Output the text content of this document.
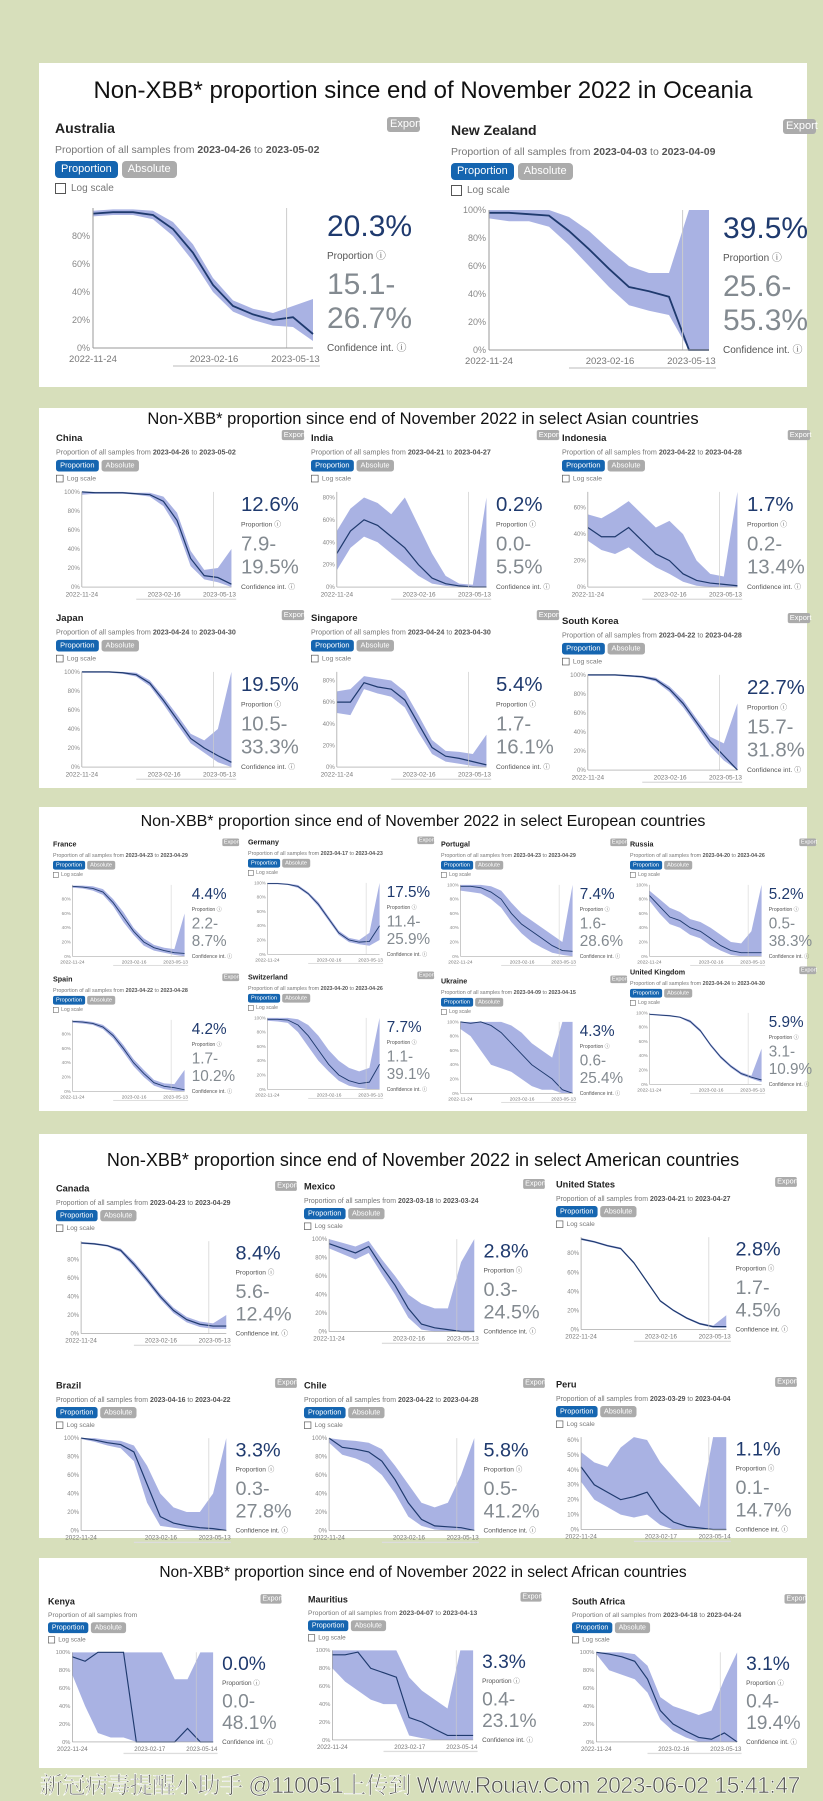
Non-XBB* proportion since end of November 2022 in Oceania
Non-XBB* proportion since end of November 2022 in select Asian countries
Non-XBB* proportion since end of November 2022 in select European countries
Non-XBB* proportion since end of November 2022 in select American countries
Non-XBB* proportion since end of November 2022 in select African countries
Australia	Export
Proportion of all samples from 2023-04-26 to 2023-05-02
Proportion	Absolute
Log scale
0%
20%
40%
60%
80%
2022-11-24	2023-02-16	2023-05-13
20.3%
Proportion ⓘ
15.1-
26.7%
Confidence int. ⓘ
New Zealand	Export
Proportion of all samples from 2023-04-03 to 2023-04-09
Proportion	Absolute
Log scale
0%
20%
40%
60%
80%
100%
2022-11-24	2023-02-16	2023-05-13
39.5%
Proportion ⓘ
25.6-
55.3%
Confidence int. ⓘ
China	Export
Proportion of all samples from 2023-04-26 to 2023-05-02
Proportion Absolute
Log scale
0%
20%
40%
60%
80%
100%
2022-11-24	2023-02-16 2023-05-13
12.6%
Proportion ⓘ
7.9-
19.5%
Confidence int. ⓘ
India	Export
Proportion of all samples from 2023-04-21 to 2023-04-27
Proportion Absolute
Log scale
0%
20%
40%
60%
80%
2022-11-24	2023-02-16 2023-05-13
0.2%
Proportion ⓘ
0.0-
5.5%
Confidence int. ⓘ
Indonesia	Export
Proportion of all samples from 2023-04-22 to 2023-04-28
Proportion Absolute
Log scale
0%
20%
40%
60%
2022-11-24	2023-02-16 2023-05-13
1.7%
Proportion ⓘ
0.2-
13.4%
Confidence int. ⓘ
Japan	Export
Proportion of all samples from 2023-04-24 to 2023-04-30
Proportion Absolute
Log scale
0%
20%
40%
60%
80%
100%
2022-11-24	2023-02-16 2023-05-13
19.5%
Proportion ⓘ
10.5-
33.3%
Confidence int. ⓘ
Singapore	Export
Proportion of all samples from 2023-04-24 to 2023-04-30
Proportion Absolute
Log scale
0%
20%
40%
60%
80%
2022-11-24	2023-02-16 2023-05-13
5.4%
Proportion ⓘ
1.7-
16.1%
Confidence int. ⓘ
South Korea	Export
Proportion of all samples from 2023-04-22 to 2023-04-28
Proportion Absolute
Log scale
0%
20%
40%
60%
80%
100%
2022-11-24	2023-02-16 2023-05-13
22.7%
Proportion ⓘ
15.7-
31.8%
Confidence int. ⓘ
France	Export
Proportion of all samples from 2023-04-23 to 2023-04-29
Proportion Absolute
Log scale
0%
20%
40%
60%
80%
2022-11-24	2023-02-16 2023-05-13
4.4%
Proportion ⓘ
2.2-
8.7%
Confidence int. ⓘ
Germany	Export
Proportion of all samples from 2023-04-17 to 2023-04-23
Proportion Absolute
Log scale
0%
20%
40%
60%
80%
100%
2022-11-24	2023-02-16 2023-05-13
17.5%
Proportion ⓘ
11.4-
25.9%
Confidence int. ⓘ
Portugal	Export
Proportion of all samples from 2023-04-23 to 2023-04-29
Proportion Absolute
Log scale
0%
20%
40%
60%
80%
100%
2022-11-24	2023-02-16 2023-05-13
7.4%
Proportion ⓘ
1.6-
28.6%
Confidence int. ⓘ
Russia	Export
Proportion of all samples from 2023-04-20 to 2023-04-26
Proportion Absolute
Log scale
0%
20%
40%
60%
80%
100%
2022-11-24	2023-02-16 2023-05-13
5.2%
Proportion ⓘ
0.5-
38.3%
Confidence int. ⓘ
Spain	Export
Proportion of all samples from 2023-04-22 to 2023-04-28
Proportion Absolute
Log scale
0%
20%
40%
60%
80%
2022-11-24	2023-02-16 2023-05-13
4.2%
Proportion ⓘ
1.7-
10.2%
Confidence int. ⓘ
Switzerland	Export
Proportion of all samples from 2023-04-20 to 2023-04-26
Proportion Absolute
Log scale
0%
20%
40%
60%
80%
100%
2022-11-24	2023-02-16 2023-05-13
7.7%
Proportion ⓘ
1.1-
39.1%
Confidence int. ⓘ
Ukraine	Export
Proportion of all samples from 2023-04-09 to 2023-04-15
Proportion Absolute
Log scale
0%
20%
40%
60%
80%
100%
2022-11-24	2023-02-16 2023-05-13
4.3%
Proportion ⓘ
0.6-
25.4%
Confidence int. ⓘ
United Kingdom	Export
Proportion of all samples from 2023-04-24 to 2023-04-30
Proportion Absolute
Log scale
0%
20%
40%
60%
80%
100%
2022-11-24	2023-02-16 2023-05-13
5.9%
Proportion ⓘ
3.1-
10.9%
Confidence int. ⓘ
Canada	Export
Proportion of all samples from 2023-04-23 to 2023-04-29
Proportion Absolute
Log scale
0%
20%
40%
60%
80%
2022-11-24	2023-02-16 2023-05-13
8.4%
Proportion ⓘ
5.6-
12.4%
Confidence int. ⓘ
Mexico	Export
Proportion of all samples from 2023-03-18 to 2023-03-24
Proportion Absolute
Log scale
0%
20%
40%
60%
80%
100%
2022-11-24	2023-02-16 2023-05-13
2.8%
Proportion ⓘ
0.3-
24.5%
Confidence int. ⓘ
United States	Export
Proportion of all samples from 2023-04-21 to 2023-04-27
Proportion Absolute
Log scale
0%
20%
40%
60%
80%
2022-11-24	2023-02-16 2023-05-13
2.8%
Proportion ⓘ
1.7-
4.5%
Confidence int. ⓘ
Brazil	Export
Proportion of all samples from 2023-04-16 to 2023-04-22
Proportion Absolute
Log scale
0%
20%
40%
60%
80%
100%
2022-11-24	2023-02-16 2023-05-13
3.3%
Proportion ⓘ
0.3-
27.8%
Confidence int. ⓘ
Chile	Export
Proportion of all samples from 2023-04-22 to 2023-04-28
Proportion Absolute
Log scale
0%
20%
40%
60%
80%
100%
2022-11-24	2023-02-16 2023-05-13
5.8%
Proportion ⓘ
0.5-
41.2%
Confidence int. ⓘ
Peru	Export
Proportion of all samples from 2023-03-29 to 2023-04-04
Proportion Absolute
Log scale
0%
10%
20%
30%
40%
50%
60%
2022-11-24	2023-02-17 2023-05-14
1.1%
Proportion ⓘ
0.1-
14.7%
Confidence int. ⓘ
Kenya	Export
Proportion of all samples from
Proportion Absolute
Log scale
0%
20%
40%
60%
80%
100%
2022-11-24	2023-02-17 2023-05-14
0.0%
Proportion ⓘ
0.0-
48.1%
Confidence int. ⓘ
Mauritius	Export
Proportion of all samples from 2023-04-07 to 2023-04-13
Proportion Absolute
Log scale
0%
20%
40%
60%
80%
100%
2022-11-24	2023-02-17 2023-05-14
3.3%
Proportion ⓘ
0.4-
23.1%
Confidence int. ⓘ
South Africa	Export
Proportion of all samples from 2023-04-18 to 2023-04-24
Proportion Absolute
Log scale
0%
20%
40%
60%
80%
100%
2022-11-24	2023-02-16 2023-05-13
3.1%
Proportion ⓘ
0.4-
19.4%
Confidence int. ⓘ
新冠病毒提醒小助手 @110051上传到 Www.Rouav.Com 2023-06-02 15:41:47
